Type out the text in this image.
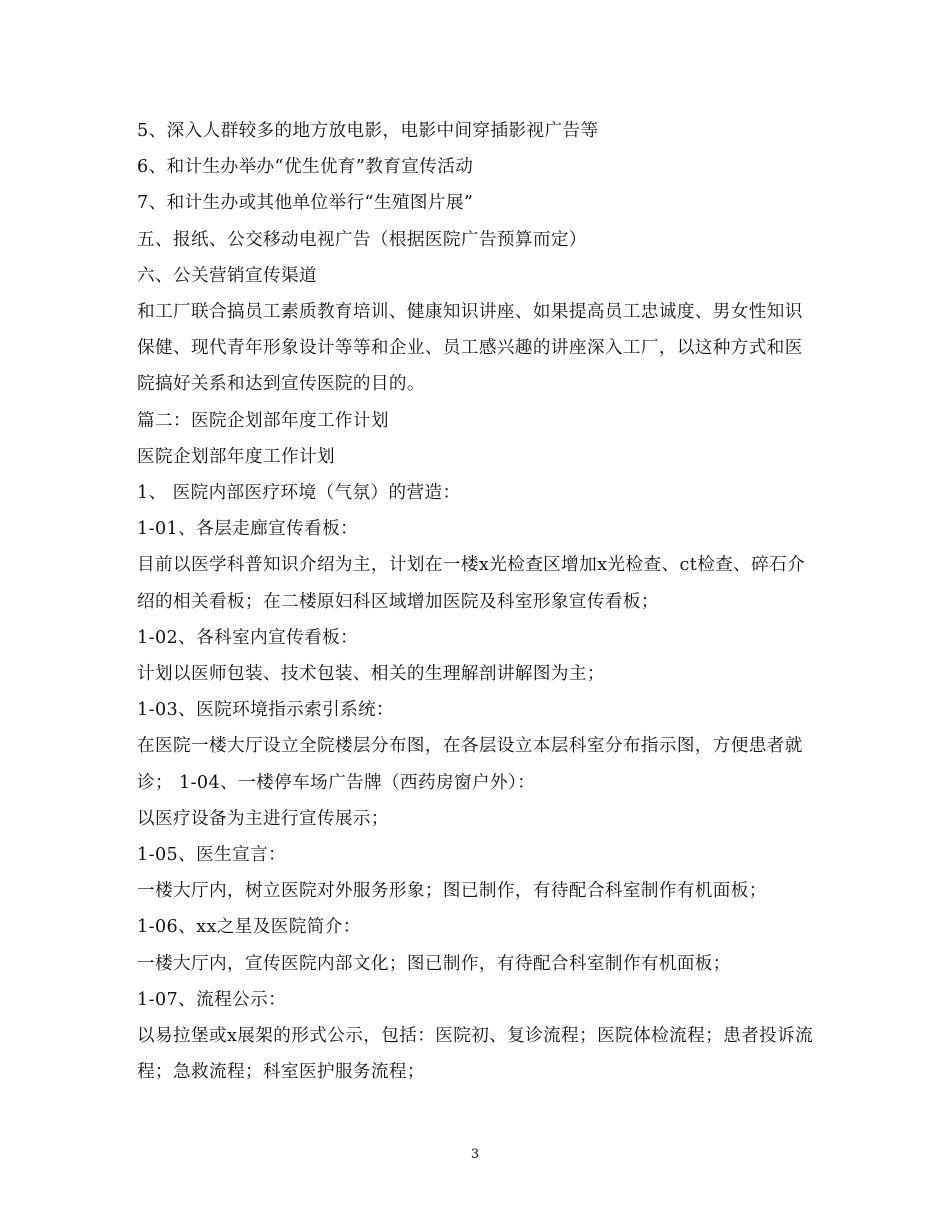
5、深入人群较多的地方放电影，电影中间穿插影视广告等

6、和计生办举办“优生优育”教育宣传活动

7、和计生办或其他单位举行“生殖图片展”

五、报纸、公交移动电视广告（根据医院广告预算而定）

六、公关营销宣传渠道

和工厂联合搞员工素质教育培训、健康知识讲座、如果提高员工忠诚度、男女性知识保健、现代青年形象设计等等和企业、员工感兴趣的讲座深入工厂，以这种方式和医院搞好关系和达到宣传医院的目的。

篇二：医院企划部年度工作计划

医院企划部年度工作计划

1、 医院内部医疗环境（气氛）的营造：

1-01、各层走廊宣传看板：

目前以医学科普知识介绍为主，计划在一楼x光检查区增加x光检查、ct检查、碎石介绍的相关看板；在二楼原妇科区域增加医院及科室形象宣传看板；

1-02、各科室内宣传看板：

计划以医师包装、技术包装、相关的生理解剖讲解图为主；

1-03、医院环境指示索引系统：

在医院一楼大厅设立全院楼层分布图，在各层设立本层科室分布指示图，方便患者就诊； 1-04、一楼停车场广告牌（西药房窗户外）：

以医疗设备为主进行宣传展示；

1-05、医生宣言：

一楼大厅内，树立医院对外服务形象；图已制作，有待配合科室制作有机面板；

1-06、xx之星及医院简介：

一楼大厅内，宣传医院内部文化；图已制作，有待配合科室制作有机面板；

1-07、流程公示：

以易拉堡或x展架的形式公示，包括：医院初、复诊流程；医院体检流程；患者投诉流程；急救流程；科室医护服务流程；

3
